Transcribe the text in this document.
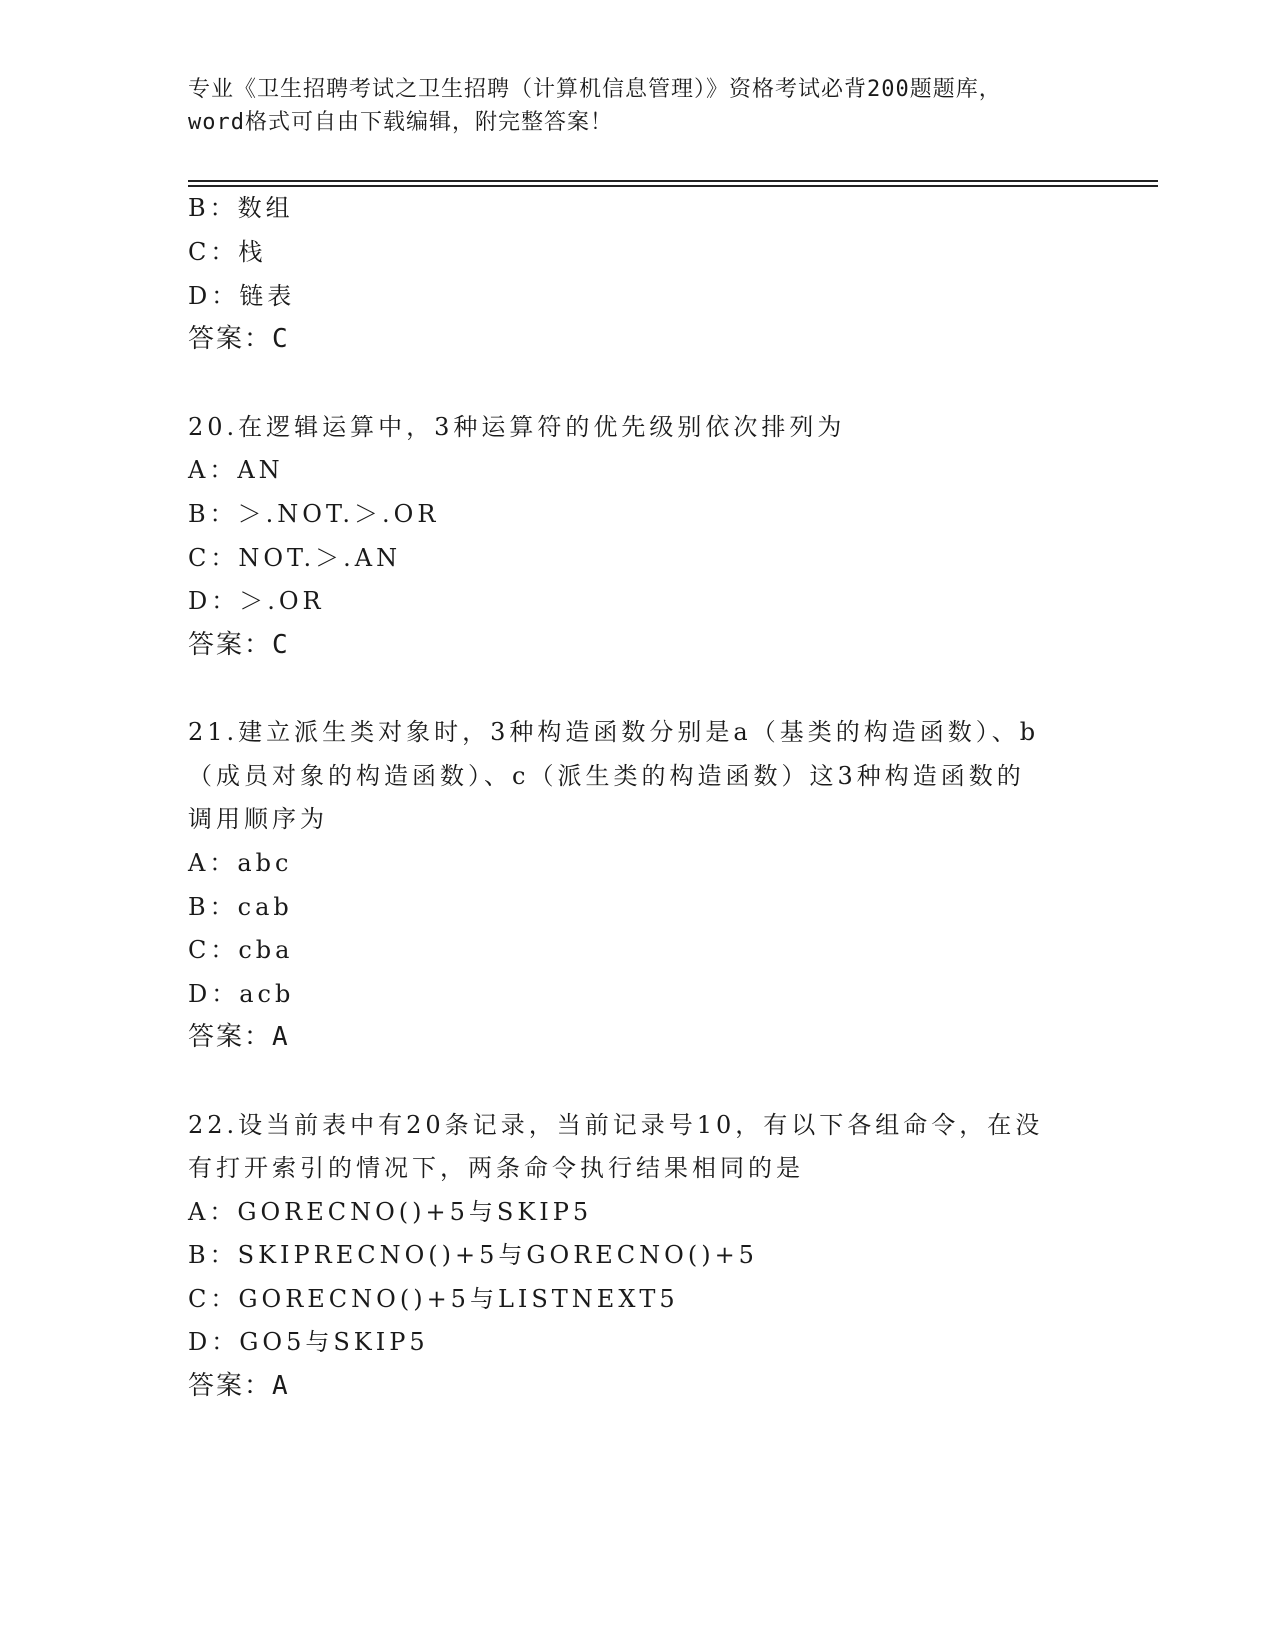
专业《卫生招聘考试之卫生招聘（计算机信息管理）》资格考试必背200题题库，
word格式可自由下载编辑，附完整答案！
B：数组
C：栈
D：链表
答案：C
20.在逻辑运算中，3种运算符的优先级别依次排列为
A：AN
B：＞.NOT.＞.OR
C：NOT.＞.AN
D：＞.OR
答案：C
21.建立派生类对象时，3种构造函数分别是a（基类的构造函数）、b
（成员对象的构造函数）、c（派生类的构造函数）这3种构造函数的
调用顺序为
A：abc
B：cab
C：cba
D：acb
答案：A
22.设当前表中有20条记录，当前记录号10，有以下各组命令，在没
有打开索引的情况下，两条命令执行结果相同的是
A：GORECNO()+5与SKIP5
B：SKIPRECNO()+5与GORECNO()+5
C：GORECNO()+5与LISTNEXT5
D：GO5与SKIP5
答案：A
